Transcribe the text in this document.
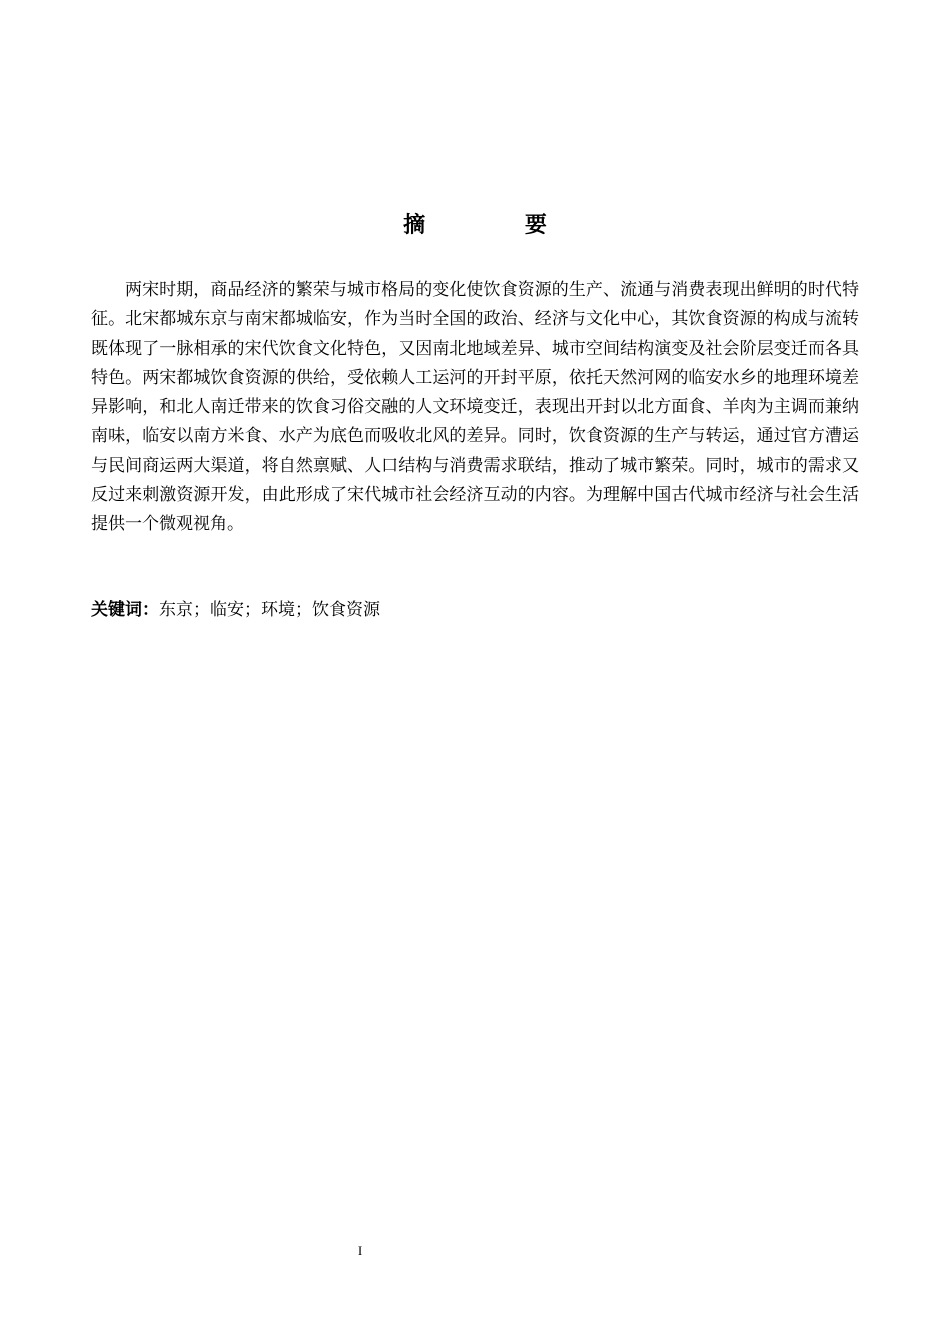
摘 要

两宋时期，商品经济的繁荣与城市格局的变化使饮食资源的生产、流通与消费表现出鲜明的时代特征。北宋都城东京与南宋都城临安，作为当时全国的政治、经济与文化中心，其饮食资源的构成与流转既体现了一脉相承的宋代饮食文化特色，又因南北地域差异、城市空间结构演变及社会阶层变迁而各具特色。两宋都城饮食资源的供给，受依赖人工运河的开封平原，依托天然河网的临安水乡的地理环境差异影响，和北人南迁带来的饮食习俗交融的人文环境变迁，表现出开封以北方面食、羊肉为主调而兼纳南味，临安以南方米食、水产为底色而吸收北风的差异。同时，饮食资源的生产与转运，通过官方漕运与民间商运两大渠道，将自然禀赋、人口结构与消费需求联结，推动了城市繁荣。同时，城市的需求又反过来刺激资源开发，由此形成了宋代城市社会经济互动的内容。为理解中国古代城市经济与社会生活提供一个微观视角。

关键词：东京；临安；环境；饮食资源
I
